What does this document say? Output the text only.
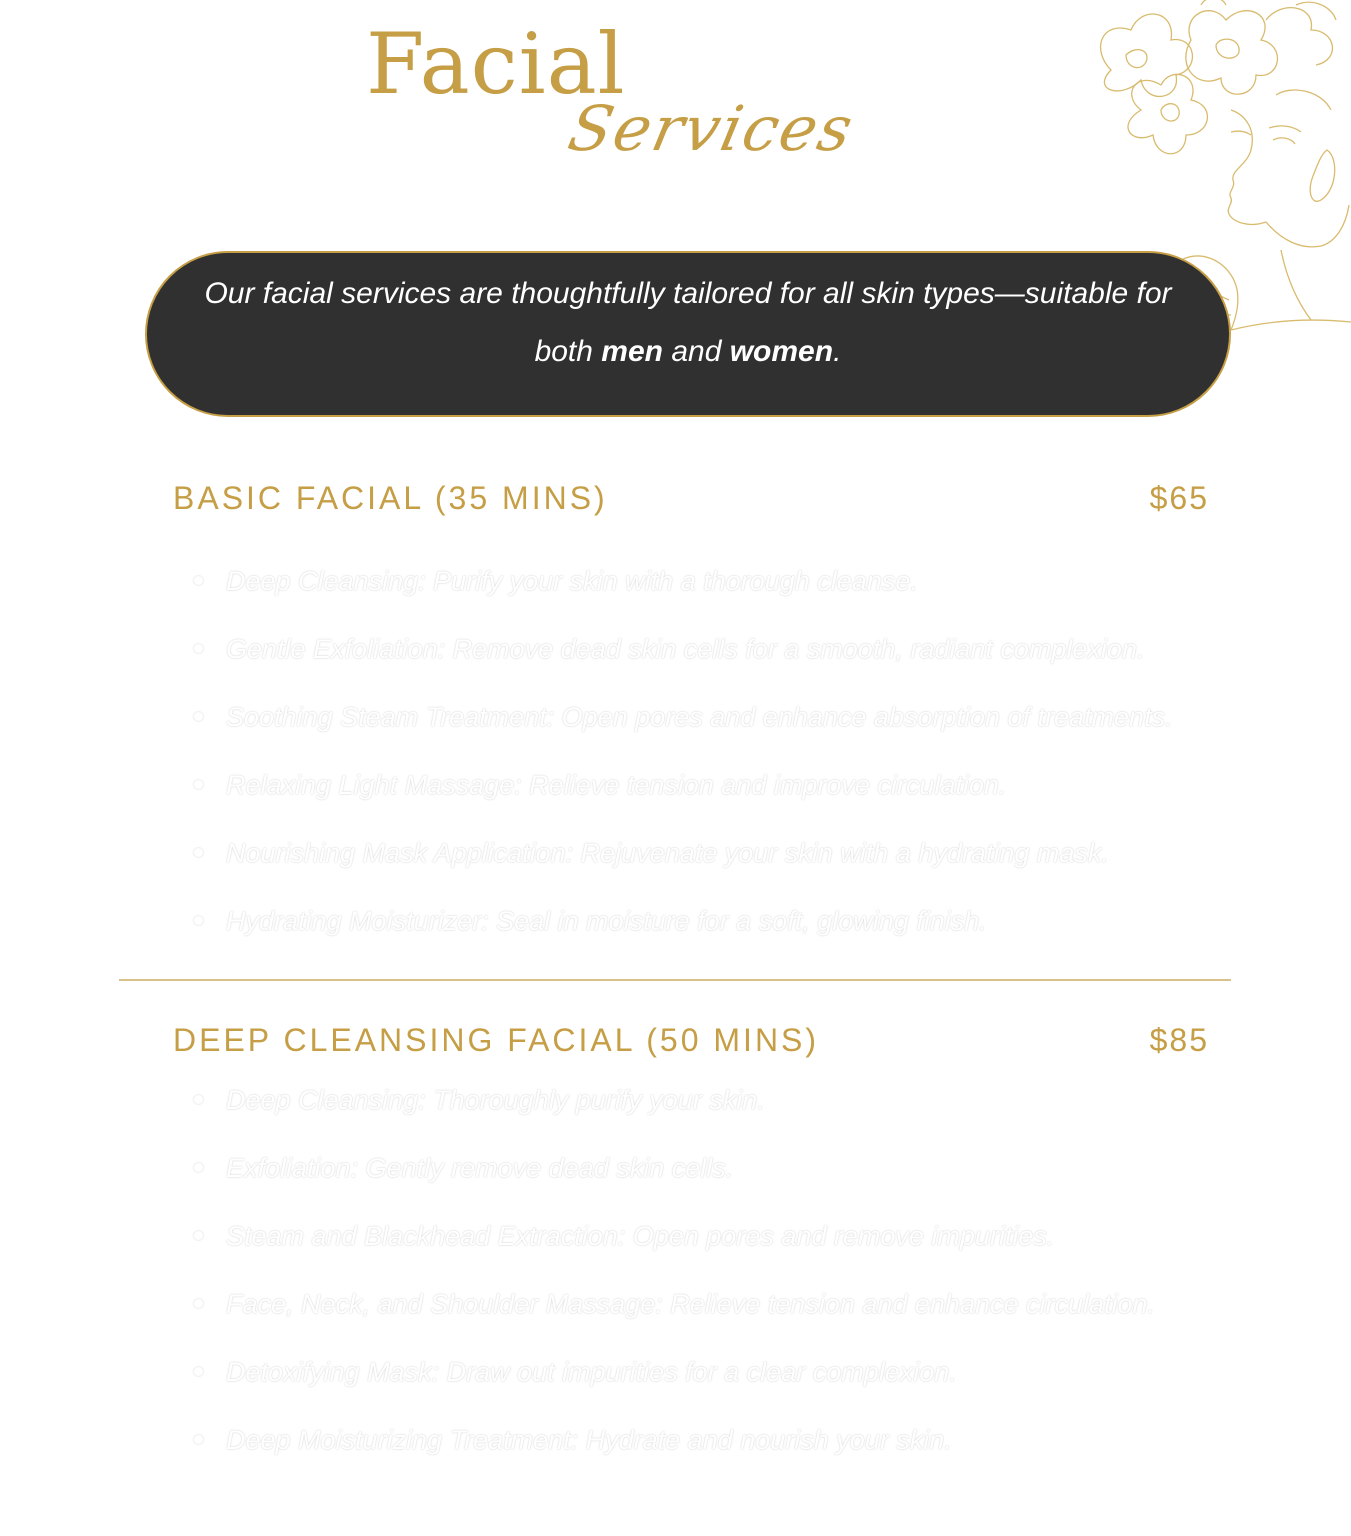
Facial
Services
Our facial services are thoughtfully tailored for all skin types—suitable for both men and women.
BASIC FACIAL (35 MINS)	$65
Deep Cleansing: Purify your skin with a thorough cleanse.
Gentle Exfoliation: Remove dead skin cells for a smooth, radiant complexion.
Soothing Steam Treatment: Open pores and enhance absorption of treatments.
Relaxing Light Massage: Relieve tension and improve circulation.
Nourishing Mask Application: Rejuvenate your skin with a hydrating mask.
Hydrating Moisturizer: Seal in moisture for a soft, glowing finish.
DEEP CLEANSING FACIAL (50 MINS)	$85
Deep Cleansing: Thoroughly purify your skin.
Exfoliation: Gently remove dead skin cells.
Steam and Blackhead Extraction: Open pores and remove impurities.
Face, Neck, and Shoulder Massage: Relieve tension and enhance circulation.
Detoxifying Mask: Draw out impurities for a clear complexion.
Deep Moisturizing Treatment: Hydrate and nourish your skin.
